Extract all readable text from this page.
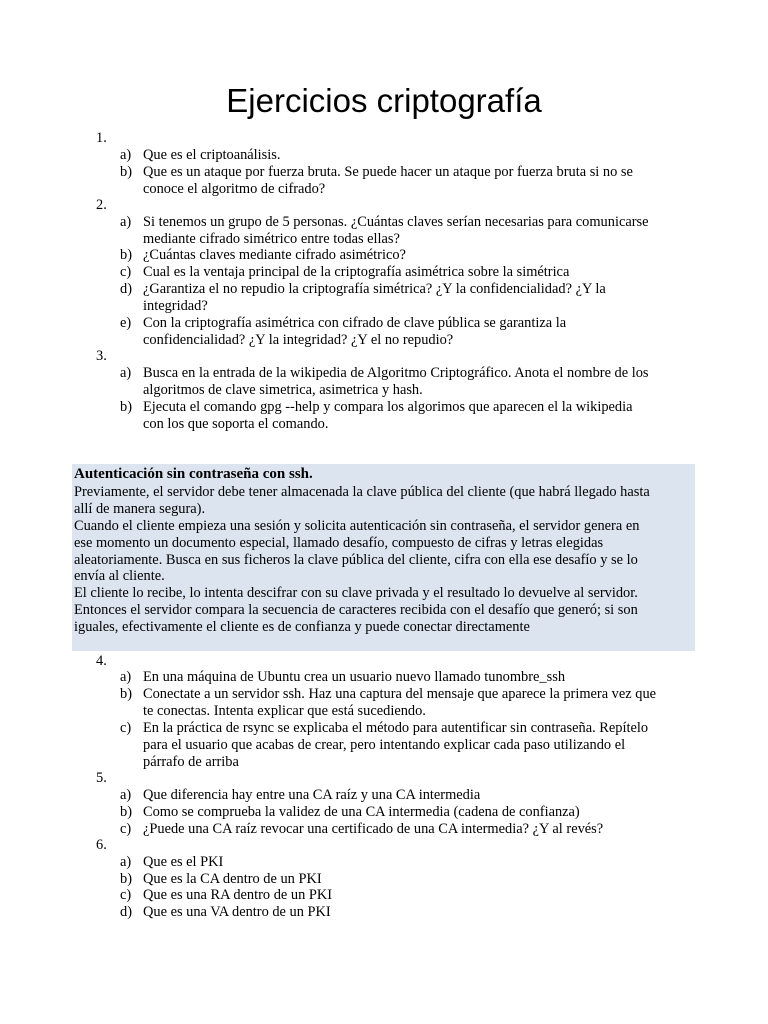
Ejercicios criptografía
1.
a) Que es el criptoanálisis.
b) Que es un ataque por fuerza bruta. Se puede hacer un ataque por fuerza bruta si no se
conoce el algoritmo de cifrado?
2.
a) Si tenemos un grupo de 5 personas. ¿Cuántas claves serían necesarias para comunicarse
mediante cifrado simétrico entre todas ellas?
b) ¿Cuántas claves mediante cifrado asimétrico?
c) Cual es la ventaja principal de la criptografía asimétrica sobre la simétrica
d) ¿Garantiza el no repudio la criptografía simétrica? ¿Y la confidencialidad? ¿Y la
integridad?
e) Con la criptografía asimétrica con cifrado de clave pública se garantiza la
confidencialidad? ¿Y la integridad? ¿Y el no repudio?
3.
a) Busca en la entrada de la wikipedia de Algoritmo Criptográfico. Anota el nombre de los
algoritmos de clave simetrica, asimetrica y hash.
b) Ejecuta el comando gpg --help y compara los algorimos que aparecen el la wikipedia
con los que soporta el comando.
Autenticación sin contraseña con ssh.
Previamente, el servidor debe tener almacenada la clave pública del cliente (que habrá llegado hasta
allí de manera segura).
Cuando el cliente empieza una sesión y solicita autenticación sin contraseña, el servidor genera en
ese momento un documento especial, llamado desafío, compuesto de cifras y letras elegidas
aleatoriamente. Busca en sus ficheros la clave pública del cliente, cifra con ella ese desafío y se lo
envía al cliente.
El cliente lo recibe, lo intenta descifrar con su clave privada y el resultado lo devuelve al servidor.
Entonces el servidor compara la secuencia de caracteres recibida con el desafío que generó; si son
iguales, efectivamente el cliente es de confianza y puede conectar directamente
4.
a) En una máquina de Ubuntu crea un usuario nuevo llamado tunombre_ssh
b) Conectate a un servidor ssh. Haz una captura del mensaje que aparece la primera vez que
te conectas. Intenta explicar que está sucediendo.
c) En la práctica de rsync se explicaba el método para autentificar sin contraseña. Repítelo
para el usuario que acabas de crear, pero intentando explicar cada paso utilizando el
párrafo de arriba
5.
a) Que diferencia hay entre una CA raíz y una CA intermedia
b) Como se comprueba la validez de una CA intermedia (cadena de confianza)
c) ¿Puede una CA raíz revocar una certificado de una CA intermedia? ¿Y al revés?
6.
a) Que es el PKI
b) Que es la CA dentro de un PKI
c) Que es una RA dentro de un PKI
d) Que es una VA dentro de un PKI
